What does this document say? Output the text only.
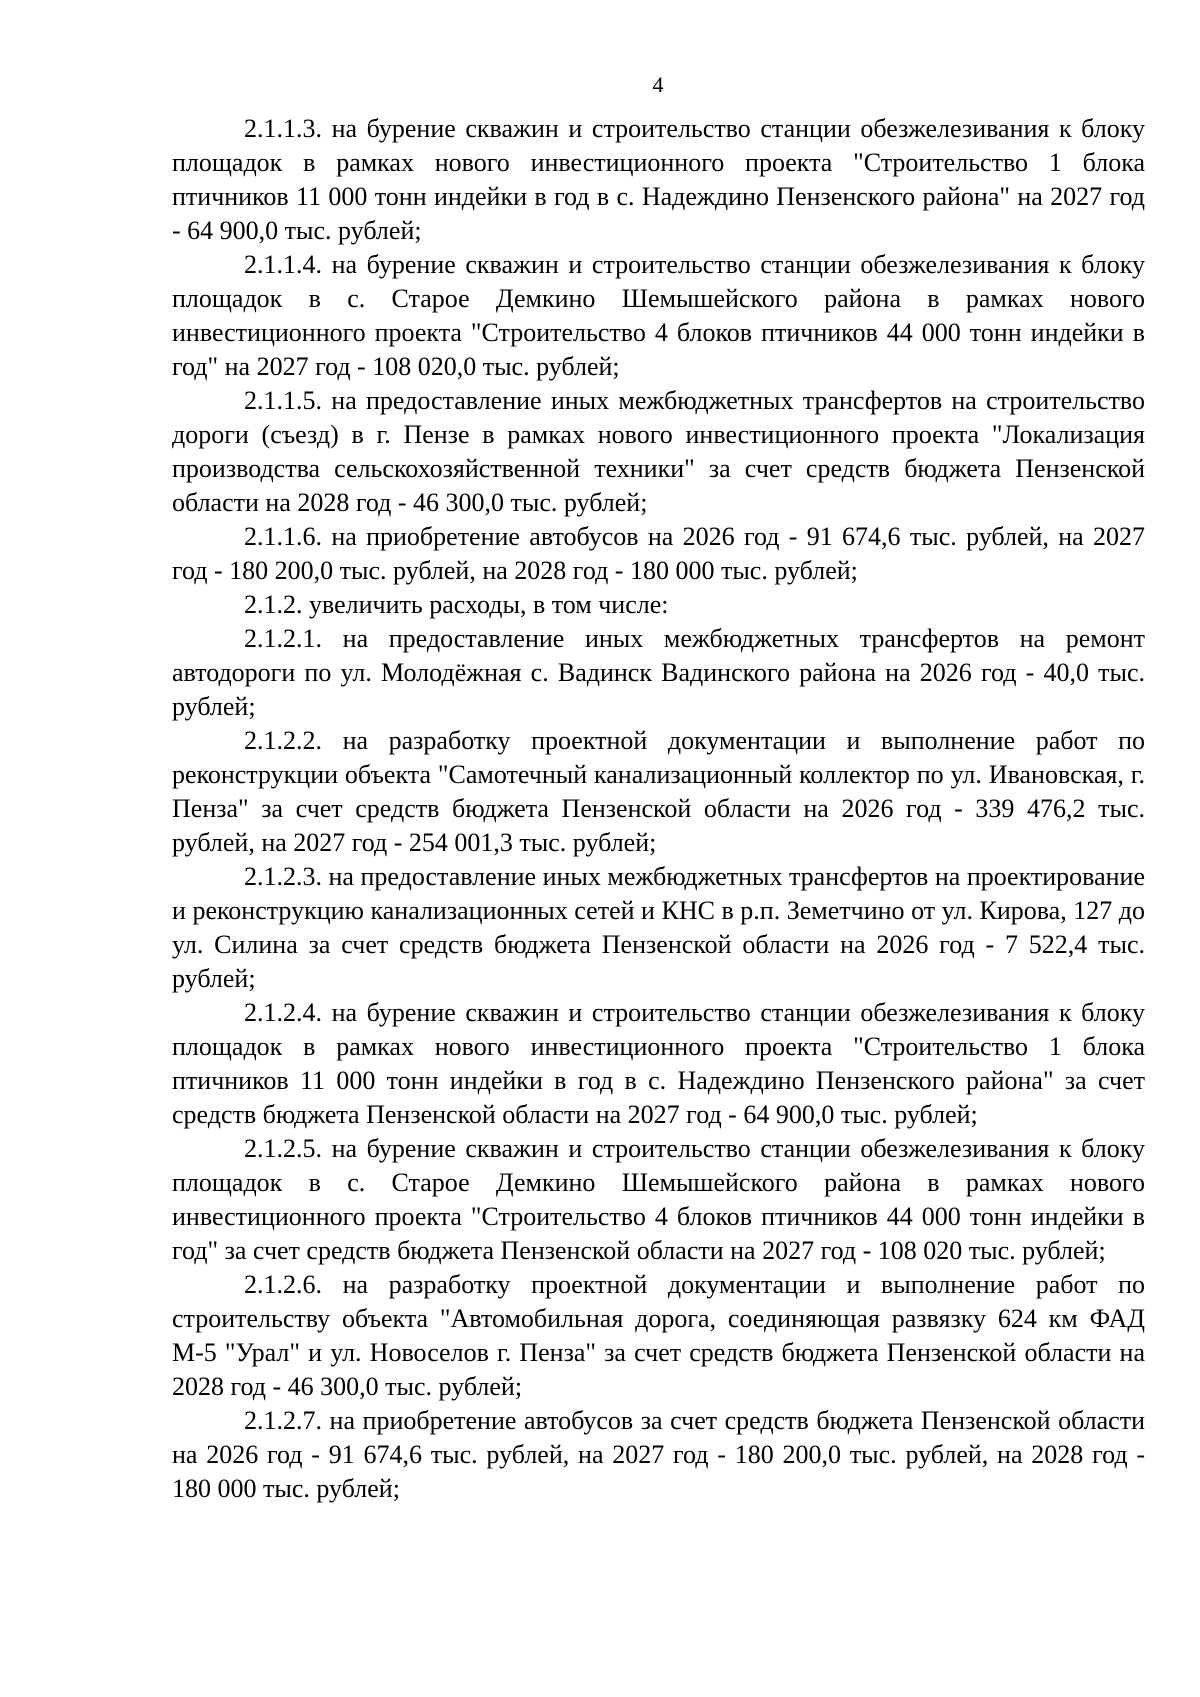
4

2.1.1.3. на бурение скважин и строительство станции обезжелезивания к блоку площадок в рамках нового инвестиционного проекта "Строительство 1 блока птичников 11 000 тонн индейки в год в с. Надеждино Пензенского района" на 2027 год - 64 900,0 тыс. рублей;

2.1.1.4. на бурение скважин и строительство станции обезжелезивания к блоку площадок в с. Старое Демкино Шемышейского района в рамках нового инвестиционного проекта "Строительство 4 блоков птичников 44 000 тонн индейки в год" на 2027 год - 108 020,0 тыс. рублей;

2.1.1.5. на предоставление иных межбюджетных трансфертов на строительство дороги (съезд) в г. Пензе в рамках нового инвестиционного проекта "Локализация производства сельскохозяйственной техники" за счет средств бюджета Пензенской области на 2028 год - 46 300,0 тыс. рублей;

2.1.1.6. на приобретение автобусов на 2026 год - 91 674,6 тыс. рублей, на 2027 год - 180 200,0 тыс. рублей, на 2028 год - 180 000 тыс. рублей;

2.1.2. увеличить расходы, в том числе:

2.1.2.1. на предоставление иных межбюджетных трансфертов на ремонт автодороги по ул. Молодёжная с. Вадинск Вадинского района на 2026 год - 40,0 тыс. рублей;

2.1.2.2. на разработку проектной документации и выполнение работ по реконструкции объекта "Самотечный канализационный коллектор по ул. Ивановская, г. Пенза" за счет средств бюджета Пензенской области на 2026 год - 339 476,2 тыс. рублей, на 2027 год - 254 001,3 тыс. рублей;

2.1.2.3. на предоставление иных межбюджетных трансфертов на проектирование и реконструкцию канализационных сетей и КНС в р.п. Земетчино от ул. Кирова, 127 до ул. Силина за счет средств бюджета Пензенской области на 2026 год - 7 522,4 тыс. рублей;

2.1.2.4. на бурение скважин и строительство станции обезжелезивания к блоку площадок в рамках нового инвестиционного проекта "Строительство 1 блока птичников 11 000 тонн индейки в год в с. Надеждино Пензенского района" за счет средств бюджета Пензенской области на 2027 год - 64 900,0 тыс. рублей;

2.1.2.5. на бурение скважин и строительство станции обезжелезивания к блоку площадок в с. Старое Демкино Шемышейского района в рамках нового инвестиционного проекта "Строительство 4 блоков птичников 44 000 тонн индейки в год" за счет средств бюджета Пензенской области на 2027 год - 108 020 тыс. рублей;

2.1.2.6. на разработку проектной документации и выполнение работ по строительству объекта "Автомобильная дорога, соединяющая развязку 624 км ФАД М-5 "Урал" и ул. Новоселов г. Пенза" за счет средств бюджета Пензенской области на 2028 год - 46 300,0 тыс. рублей;

2.1.2.7. на приобретение автобусов за счет средств бюджета Пензенской области на 2026 год - 91 674,6 тыс. рублей, на 2027 год - 180 200,0 тыс. рублей, на 2028 год - 180 000 тыс. рублей;
